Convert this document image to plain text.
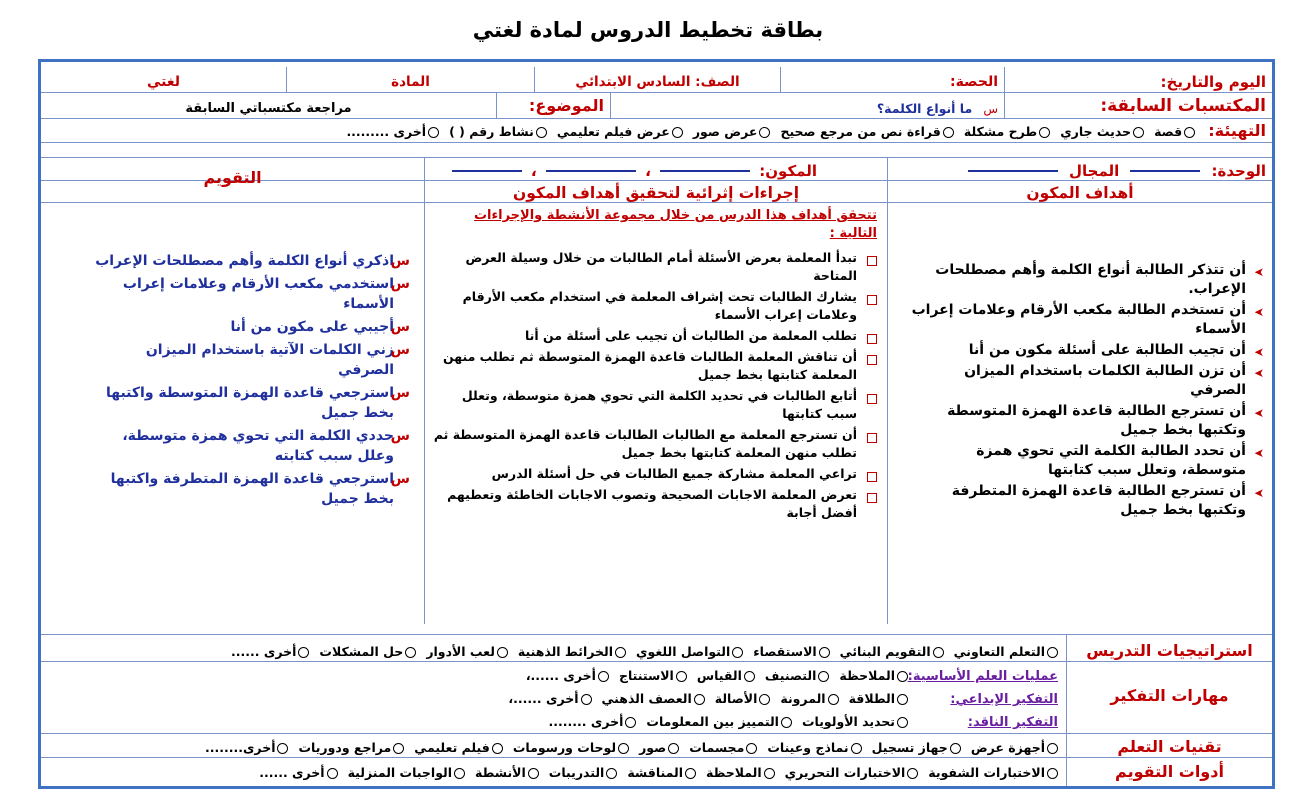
بطاقة تخطيط الدروس لمادة لغتي
اليوم والتاريخ:
الحصة:
الصف: السادس الابتدائي
المادة
لغتي
المكتسبات السابقة:
س ما أنواع الكلمة؟
الموضوع:
مراجعة مكتسباتي السابقة
التهيئة: قصةحديث جاريطرح مشكلةقراءة نص من مرجع صحيحعرض صورعرض فيلم تعليمينشاط رقم ( )أخرى .........
الوحدة:  المجال
المكون:  ،  ،
التقويم
أهداف المكون
إجراءات إثرائية لتحقيق أهداف المكون
➤
أن تتذكر الطالبة أنواع الكلمة وأهم مصطلحات الإعراب.
➤
أن تستخدم الطالبة مكعب الأرقام وعلامات إعراب الأسماء
➤
أن تجيب الطالبة على أسئلة مكون من أنا
➤
أن تزن الطالبة الكلمات باستخدام الميزان الصرفي
➤
أن تسترجع الطالبة قاعدة الهمزة المتوسطة وتكتبها بخط جميل
➤
أن تحدد الطالبة الكلمة التي تحوي همزة متوسطة، وتعلل سبب كتابتها
➤
أن تسترجع الطالبة قاعدة الهمزة المتطرفة وتكتبها بخط جميل
تتحقق أهداف هذا الدرس من خلال مجموعة الأنشطة والإجراءات التالية :
تبدأ المعلمة بعرض الأسئلة أمام الطالبات من خلال وسيلة العرض المتاحة
يشارك الطالبات تحت إشراف المعلمة في استخدام مكعب الأرقام وعلامات إعراب الأسماء
تطلب المعلمة من الطالبات أن تجيب على أسئلة من أنا
أن تناقش المعلمة الطالبات قاعدة الهمزة المتوسطة ثم تطلب منهن المعلمة كتابتها بخط جميل
أتابع الطالبات في تحديد الكلمة التي تحوي همزة متوسطة، وتعلل سبب كتابتها
أن تسترجع المعلمة مع الطالبات الطالبات قاعدة الهمزة المتوسطة ثم تطلب منهن المعلمة كتابتها بخط جميل
تراعي المعلمة مشاركة جميع الطالبات في حل أسئلة الدرس
تعرض المعلمة الاجابات الصحيحة وتصوب الاجابات الخاطئة وتعطيهم أفضل أجابة
س
اذكري أنواع الكلمة وأهم مصطلحات الإعراب
س
استخدمي مكعب الأرقام وعلامات إعراب الأسماء
س
أجيبي على مكون من أنا
س
زني الكلمات الآتية باستخدام الميزان الصرفي
س
استرجعي قاعدة الهمزة المتوسطة واكتبها بخط جميل
س
حددي الكلمة التي تحوي همزة متوسطة، وعلل سبب كتابته
س
استرجعي قاعدة الهمزة المتطرفة واكتبها بخط جميل
استراتيجيات التدريس
التعلم التعاونيالتقويم البنائيالاستقصاءالتواصل اللغويالخرائط الذهنيةلعب الأدوارحل المشكلاتأخرى ......
مهارات التفكير
عمليات العلم الأساسية:الملاحظةالتصنيفالقياسالاستنتاجأخرى ......،
التفكير الإبداعي:الطلاقةالمرونةالأصالةالعصف الذهنيأخرى ......،
التفكير الناقد:تحديد الأولوياتالتمييز بين المعلوماتأخرى ........
تقنيات التعلم
أجهزة عرضجهاز تسجيلنماذج وعيناتمجسماتصورلوحات ورسوماتفيلم تعليميمراجع ودورياتأخرى........
أدوات التقويم
الاختبارات الشفويةالاختبارات التحريريالملاحظةالمناقشةالتدريباتالأنشطةالواجبات المنزليةأخرى ......
